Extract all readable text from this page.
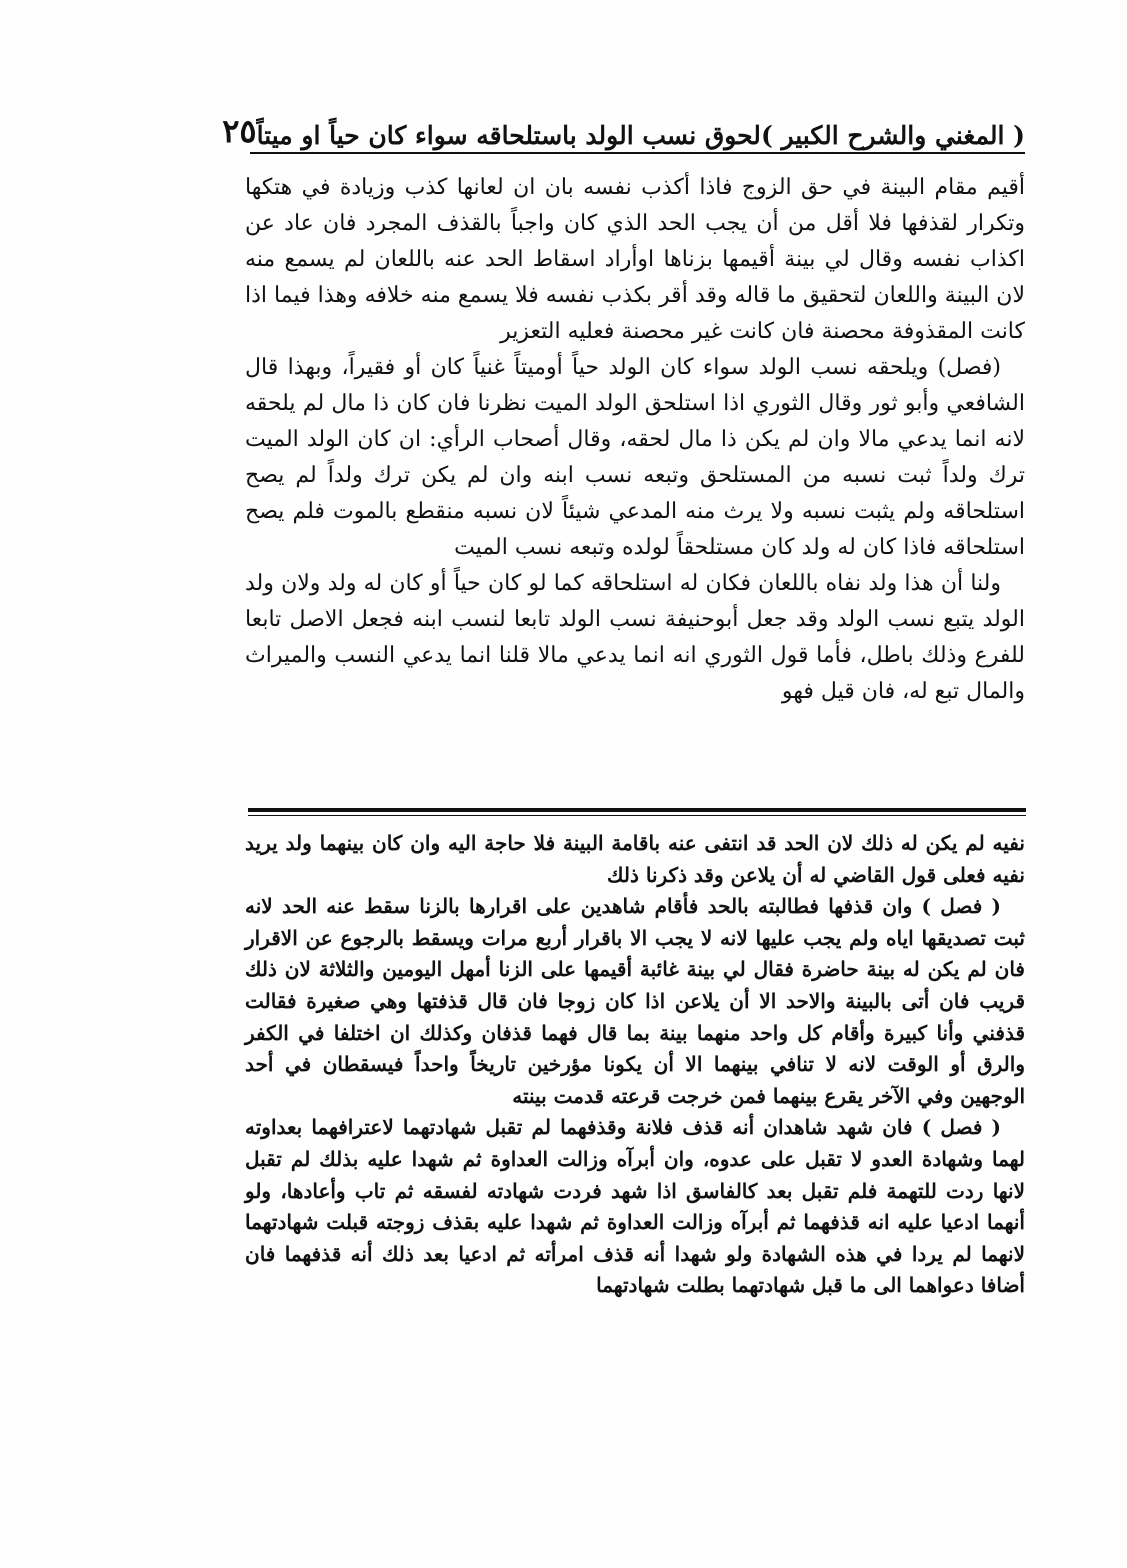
( المغني والشرح الكبير )
لحوق نسب الولد باستلحاقه سواء كان حياً او ميتاً
٢٥

أقيم مقام البينة في حق الزوج فاذا أكذب نفسه بان ان لعانها كذب وزيادة في هتكها وتكرار لقذفها فلا أقل من أن يجب الحد الذي كان واجباً بالقذف المجرد فان عاد عن اكذاب نفسه وقال لي بينة أقيمها بزناها اوأراد اسقاط الحد عنه باللعان لم يسمع منه لان البينة واللعان لتحقيق ما قاله وقد أقر بكذب نفسه فلا يسمع منه خلافه وهذا فيما اذا كانت المقذوفة محصنة فان كانت غير محصنة فعليه التعزير

(فصل) ويلحقه نسب الولد سواء كان الولد حياً أوميتاً غنياً كان أو فقيراً، وبهذا قال الشافعي وأبو ثور وقال الثوري اذا استلحق الولد الميت نظرنا فان كان ذا مال لم يلحقه لانه انما يدعي مالا وان لم يكن ذا مال لحقه، وقال أصحاب الرأي: ان كان الولد الميت ترك ولداً ثبت نسبه من المستلحق وتبعه نسب ابنه وان لم يكن ترك ولداً لم يصح استلحاقه ولم يثبت نسبه ولا يرث منه المدعي شيئاً لان نسبه منقطع بالموت فلم يصح استلحاقه فاذا كان له ولد كان مستلحقاً لولده وتبعه نسب الميت

ولنا أن هذا ولد نفاه باللعان فكان له استلحاقه كما لو كان حياً أو كان له ولد ولان ولد الولد يتبع نسب الولد وقد جعل أبوحنيفة نسب الولد تابعا لنسب ابنه فجعل الاصل تابعا للفرع وذلك باطل، فأما قول الثوري انه انما يدعي مالا قلنا انما يدعي النسب والميراث والمال تبع له، فان قيل فهو

نفيه لم يكن له ذلك لان الحد قد انتفى عنه باقامة البينة فلا حاجة اليه وان كان بينهما ولد يريد نفيه فعلى قول القاضي له أن يلاعن وقد ذكرنا ذلك

( فصل ) وان قذفها فطالبته بالحد فأقام شاهدين على اقرارها بالزنا سقط عنه الحد لانه ثبت تصديقها اياه ولم يجب عليها لانه لا يجب الا باقرار أربع مرات ويسقط بالرجوع عن الاقرار فان لم يكن له بينة حاضرة فقال لي بينة غائبة أقيمها على الزنا أمهل اليومين والثلاثة لان ذلك قريب فان أتى بالبينة والاحد الا أن يلاعن اذا كان زوجا فان قال قذفتها وهي صغيرة فقالت قذفني وأنا كبيرة وأقام كل واحد منهما بينة بما قال فهما قذفان وكذلك ان اختلفا في الكفر والرق أو الوقت لانه لا تنافي بينهما الا أن يكونا مؤرخين تاريخاً واحداً فيسقطان في أحد الوجهين وفي الآخر يقرع بينهما فمن خرجت قرعته قدمت بينته

( فصل ) فان شهد شاهدان أنه قذف فلانة وقذفهما لم تقبل شهادتهما لاعترافهما بعداوته لهما وشهادة العدو لا تقبل على عدوه، وان أبرآه وزالت العداوة ثم شهدا عليه بذلك لم تقبل لانها ردت للتهمة فلم تقبل بعد كالفاسق اذا شهد فردت شهادته لفسقه ثم تاب وأعادها، ولو أنهما ادعيا عليه انه قذفهما ثم أبرآه وزالت العداوة ثم شهدا عليه بقذف زوجته قبلت شهادتهما لانهما لم يردا في هذه الشهادة ولو شهدا أنه قذف امرأته ثم ادعيا بعد ذلك أنه قذفهما فان أضافا دعواهما الى ما قبل شهادتهما بطلت شهادتهما
